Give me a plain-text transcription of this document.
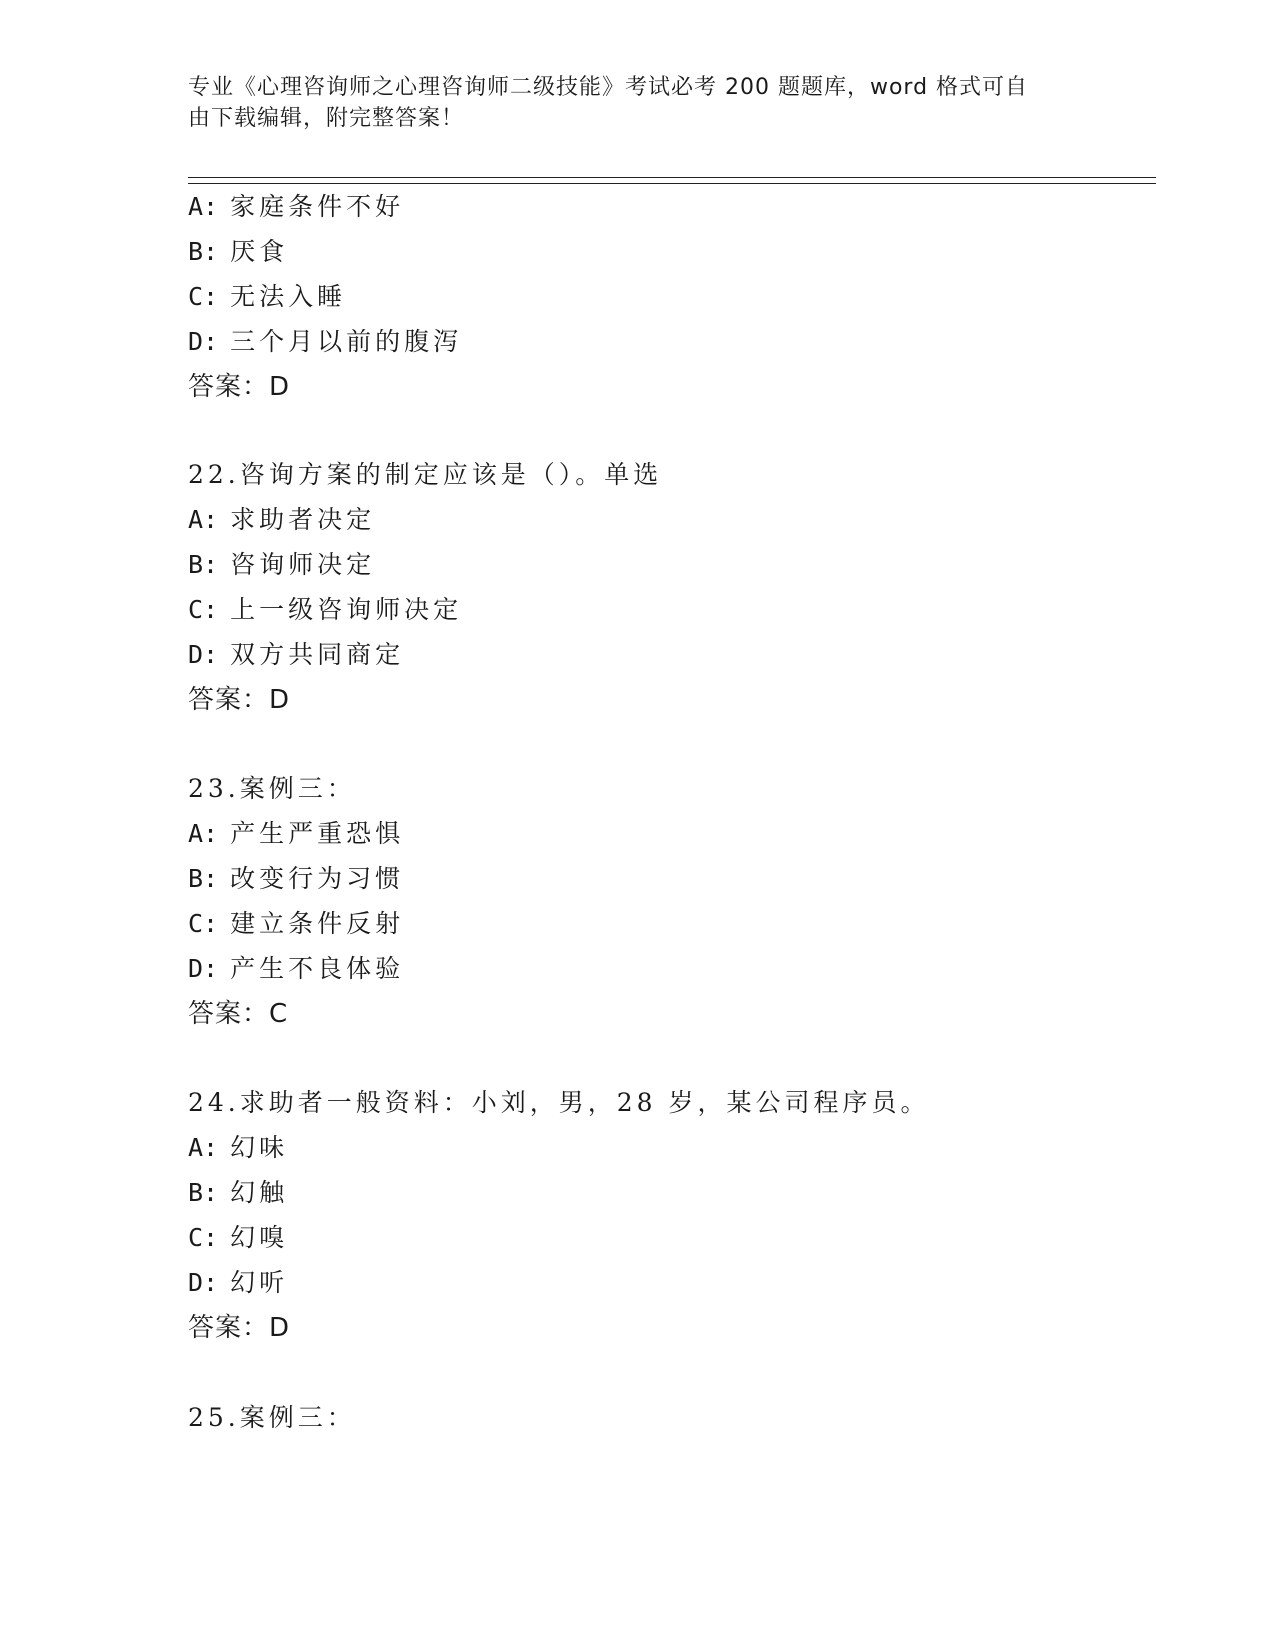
专业《心理咨询师之心理咨询师二级技能》考试必考 200 题题库，word 格式可自
由下载编辑，附完整答案！
A: 家庭条件不好
B: 厌食
C: 无法入睡
D: 三个月以前的腹泻
答案：D
22.咨询方案的制定应该是（）。单选
A: 求助者决定
B: 咨询师决定
C: 上一级咨询师决定
D: 双方共同商定
答案：D
23.案例三：
A: 产生严重恐惧
B: 改变行为习惯
C: 建立条件反射
D: 产生不良体验
答案：C
24.求助者一般资料：小刘，男，28 岁，某公司程序员。
A: 幻味
B: 幻触
C: 幻嗅
D: 幻听
答案：D
25.案例三：
